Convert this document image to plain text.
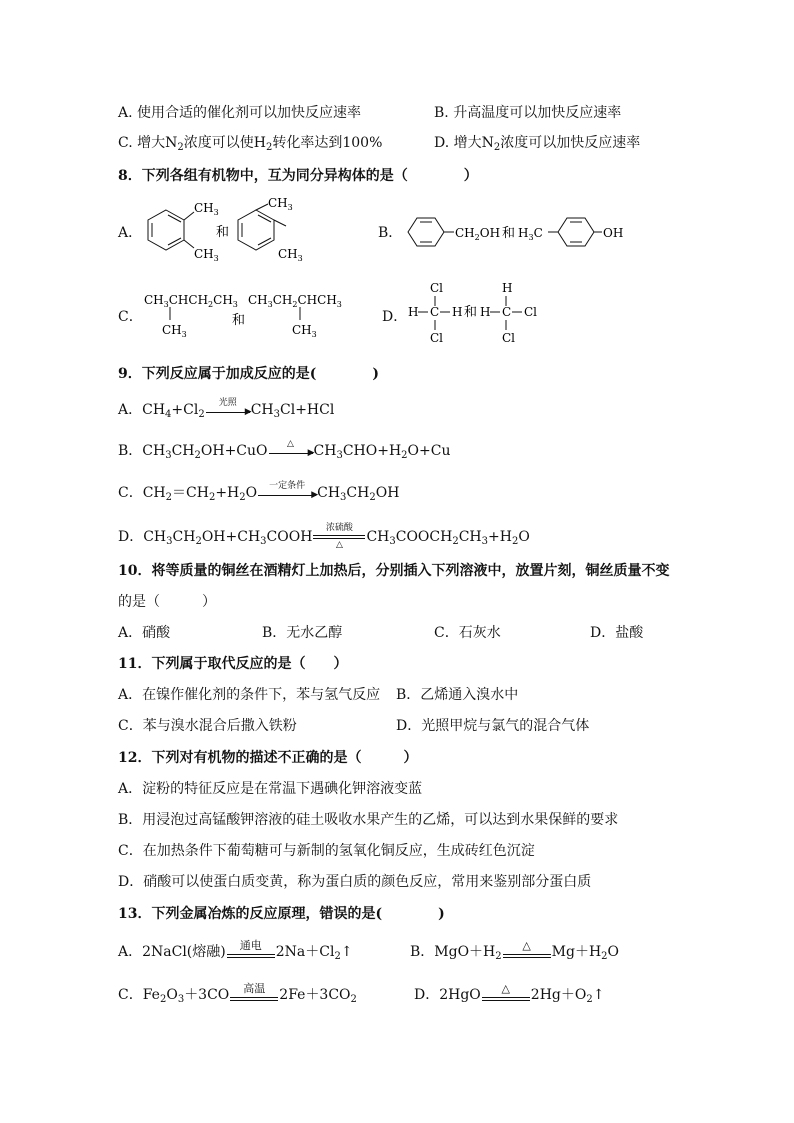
A. 使用合适的催化剂可以加快反应速率	B. 升高温度可以加快反应速率
C. 增大$N_2$浓度可以使$H_2$转化率达到100%	D. 增大$N_2$浓度可以加快反应速率
8．下列各组有机物中，互为同分异构体的是（　　　　）
A．
$CH_3$
$CH_3$
和
$CH_3$
$CH_3$
B．	$CH_2OH$ 和 $H_3C$	OH
C．
$CH_3CHCH_2CH_3$
$CH_3$
和
$CH_3CH_2CHCH_3$
$CH_3$
D．
Cl
H C H
Cl
和 H
H
C Cl
Cl
9．下列反应属于加成反应的是(　　　　)
A．$CH_4+Cl_2$
光照
▶ $CH_3Cl+HCl$
B．$CH_3CH_2OH+CuO$	△
▶ $CH_3CHO+H_2O+Cu$
C．$CH_2=CH_2+H_2O$	一定条件
▶ $CH_3CH_2OH$
D．$CH_3CH_2OH+CH_3COOH$
浓硫酸
△	$CH_3COOCH_2CH_3+H_2O$
10．将等质量的铜丝在酒精灯上加热后，分别插入下列溶液中，放置片刻，铜丝质量不变
的是（　　　）
A．硝酸	B．无水乙醇	C．石灰水	D．盐酸
11．下列属于取代反应的是（　　）
A．在镍作催化剂的条件下，苯与氢气反应 B．乙烯通入溴水中
C．苯与溴水混合后撒入铁粉	D．光照甲烷与氯气的混合气体
12．下列对有机物的描述不正确的是（　　　）
A．淀粉的特征反应是在常温下遇碘化钾溶液变蓝
B．用浸泡过高锰酸钾溶液的硅土吸收水果产生的乙烯，可以达到水果保鲜的要求
C．在加热条件下葡萄糖可与新制的氢氧化铜反应，生成砖红色沉淀
D．硝酸可以使蛋白质变黄，称为蛋白质的颜色反应，常用来鉴别部分蛋白质
13．下列金属冶炼的反应原理，错误的是(　　　　)
A．2NaCl(熔融)	通电	$2Na+Cl_2↑$	B．$MgO+H_2$
△	$Mg+H_2O$
C．$Fe_2O_3+3CO$	高温	$2Fe+3CO_2$	D．2HgO	△	$2Hg+O_2↑$
